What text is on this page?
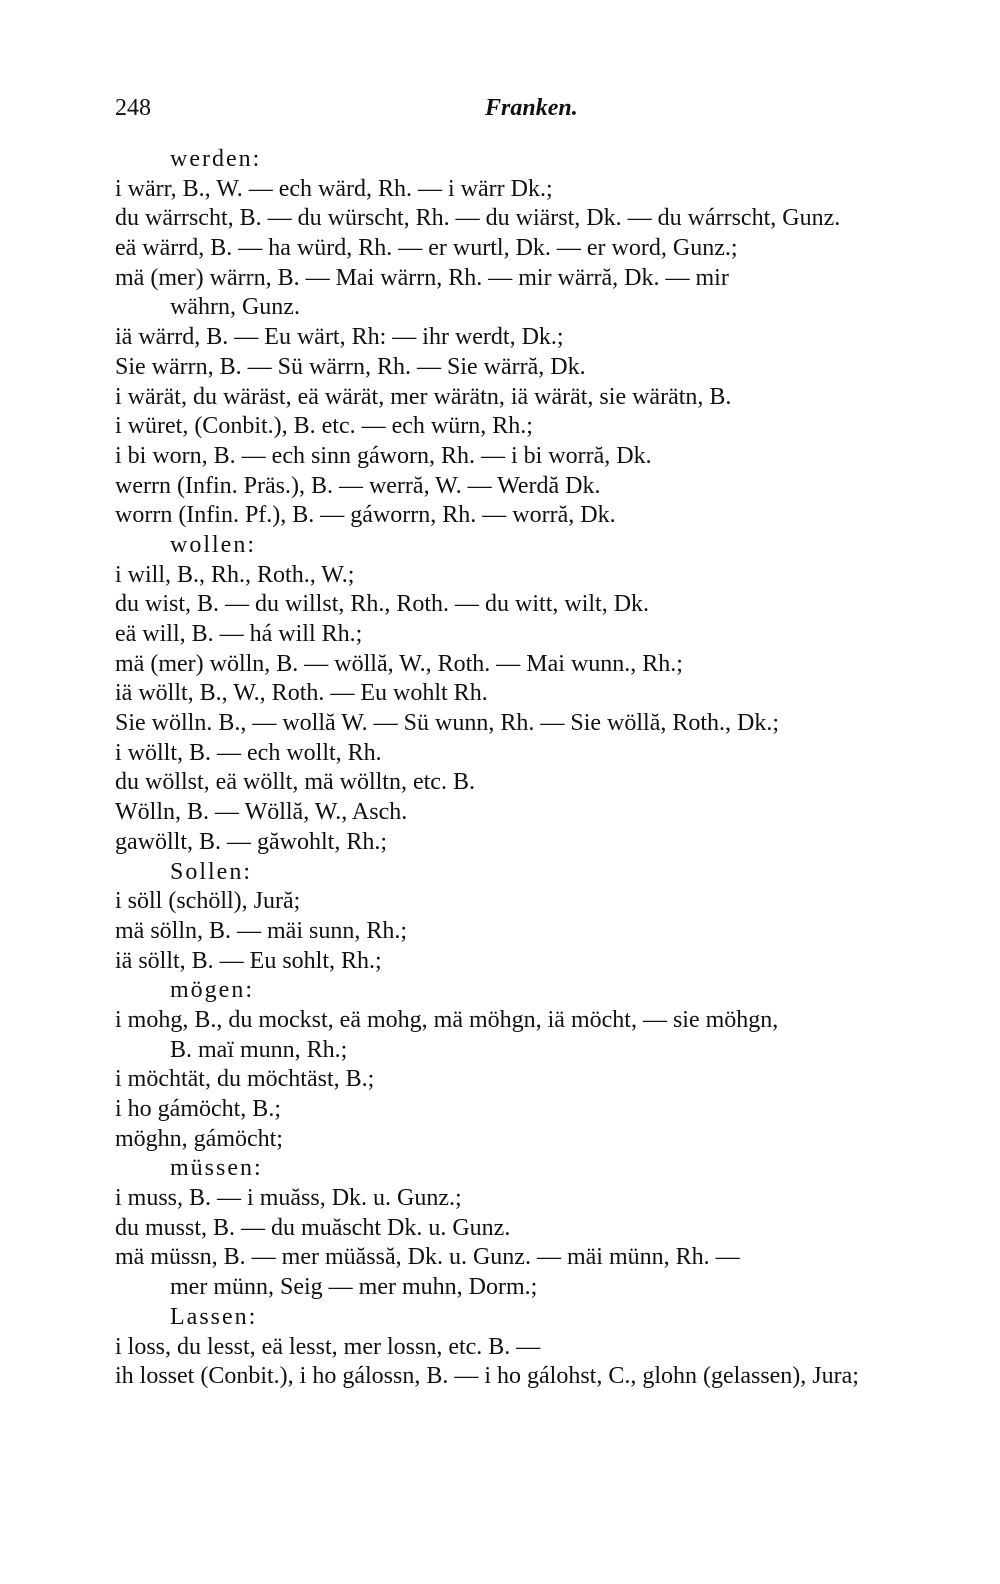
248	Franken.
werden:
i wärr, B., W. — ech wärd, Rh. — i wärr Dk.;
du wärrscht, B. — du würscht, Rh. — du wiärst, Dk. — du wárrscht, Gunz.
eä wärrd, B. — ha würd, Rh. — er wurtl, Dk. — er word, Gunz.;
mä (mer) wärrn, B. — Mai wärrn, Rh. — mir wärră, Dk. — mir
währn, Gunz.
iä wärrd, B. — Eu wärt, Rh: — ihr werdt, Dk.;
Sie wärrn, B. — Sü wärrn, Rh. — Sie wärră, Dk.
i wärät, du wäräst, eä wärät, mer wärätn, iä wärät, sie wärätn, B.
i würet, (Conbit.), B. etc. — ech würn, Rh.;
i bi worn, B. — ech sinn gáworn, Rh. — i bi worră, Dk.
werrn (Infin. Präs.), B. — werră, W. — Werdă Dk.
worrn (Infin. Pf.), B. — gáworrn, Rh. — worră, Dk.
wollen:
i will, B., Rh., Roth., W.;
du wist, B. — du willst, Rh., Roth. — du witt, wilt, Dk.
eä will, B. — há will Rh.;
mä (mer) wölln, B. — wöllă, W., Roth. — Mai wunn., Rh.;
iä wöllt, B., W., Roth. — Eu wohlt Rh.
Sie wölln. B., — wollă W. — Sü wunn, Rh. — Sie wöllă, Roth., Dk.;
i wöllt, B. — ech wollt, Rh.
du wöllst, eä wöllt, mä wölltn, etc. B.
Wölln, B. — Wöllă, W., Asch.
gawöllt, B. — găwohlt, Rh.;
Sollen:
i söll (schöll), Jură;
mä sölln, B. — mäi sunn, Rh.;
iä söllt, B. — Eu sohlt, Rh.;
mögen:
i mohg, B., du mockst, eä mohg, mä möhgn, iä möcht, — sie möhgn,
B. maï munn, Rh.;
i möchtät, du möchtäst, B.;
i ho gámöcht, B.;
möghn, gámöcht;
müssen:
i muss, B. — i muăss, Dk. u. Gunz.;
du musst, B. — du muăscht Dk. u. Gunz.
mä müssn, B. — mer müăssă, Dk. u. Gunz. — mäi münn, Rh. —
mer münn, Seig — mer muhn, Dorm.;
Lassen:
i loss, du lesst, eä lesst, mer lossn, etc. B. —
ih losset (Conbit.), i ho gálossn, B. — i ho gálohst, C., glohn (gelassen), Jura;
